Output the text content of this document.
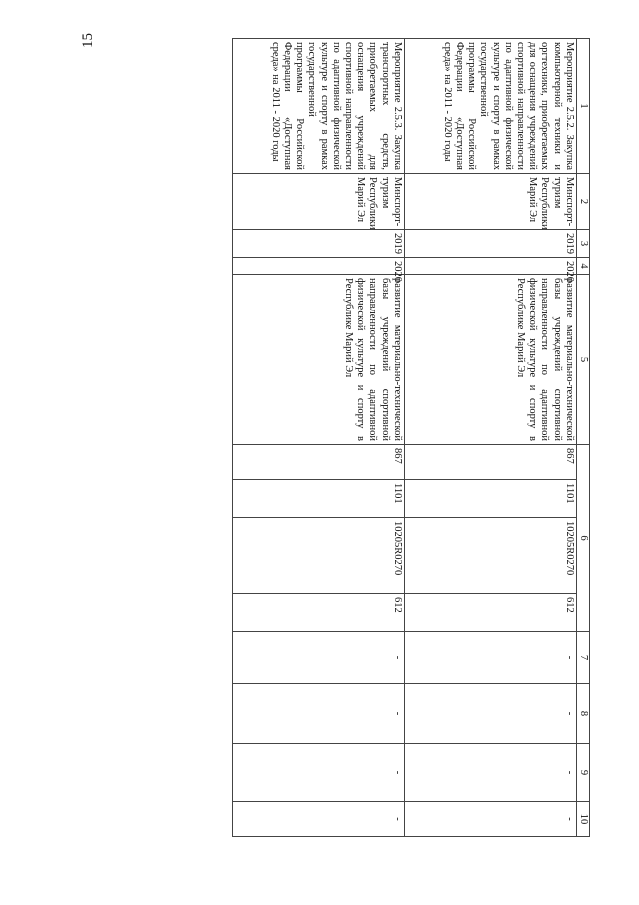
15
1	2	3	4	5	6				7	8	9	10
Мероприятие 2.5.2. Закупка компьютерной техники и оргтехники, приобретаемых для оснащения учреждений спортивной направленности по адаптивной физической культуре и спорту в рамках государственной программы Российской Федерации «Доступная среда» на 2011 - 2020 годы	Минспорт-туризм Республики Марий Эл	2019	2020	развитие материально-технической базы учреждений спортивной направленности по адаптивной физической культуре и спорту в Республике Марий Эл	867	1101	10205R0270	612	-	-	-	-
Мероприятие 2.5.3. Закупка транспортных средств, приобретаемых для оснащения учреждений спортивной направленности по адаптивной физической культуре и спорту в рамках государственной программы Российской Федерации «Доступная среда» на 2011 - 2020 годы	Минспорт-туризм Республики Марий Эл	2019	2020	развитие материально-технической базы учреждений спортивной направленности по адаптивной физической культуре и спорту в Республике Марий Эл	867	1101	10205R0270	612	-	-	-	-
